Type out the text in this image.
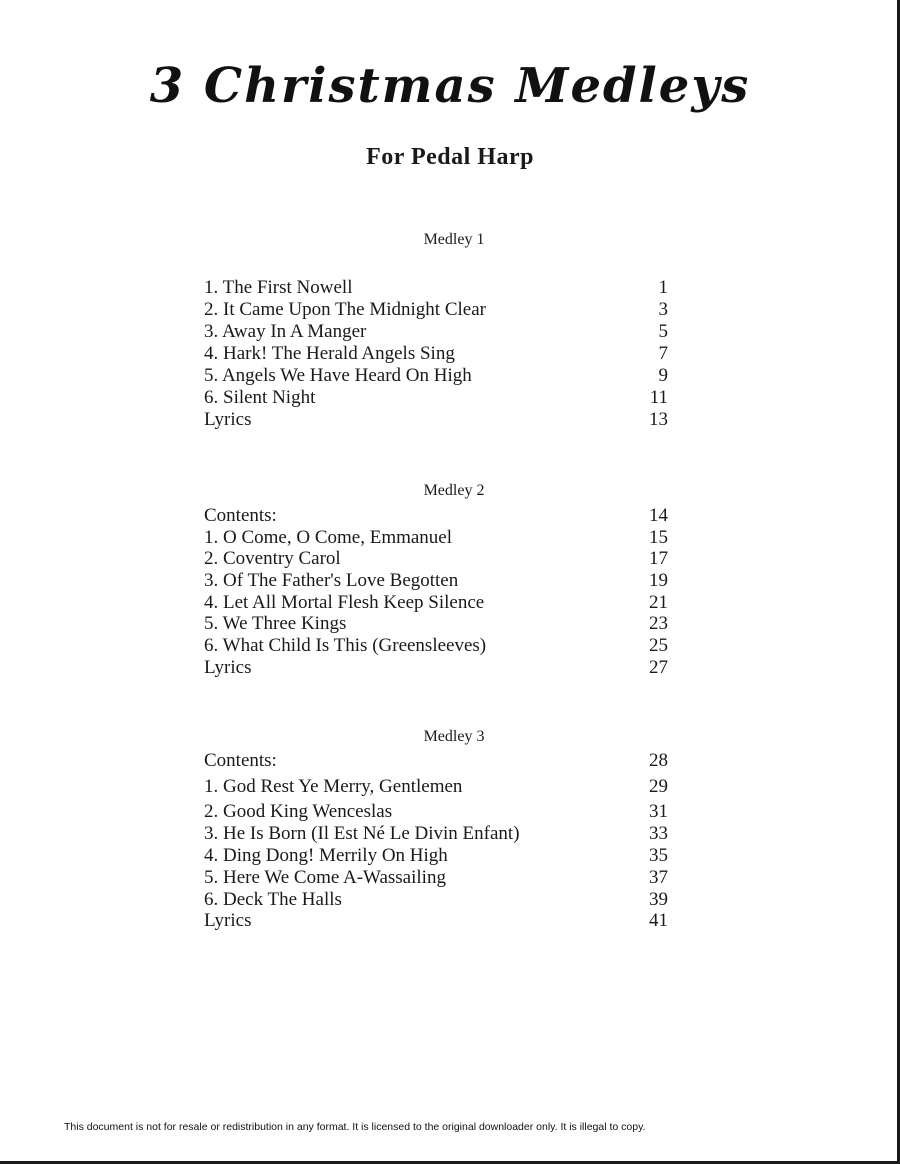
3 Christmas Medleys
For Pedal Harp
Medley 1
1. The First Nowell	1
2. It Came Upon The Midnight Clear	3
3. Away In A Manger	5
4. Hark! The Herald Angels Sing	7
5. Angels We Have Heard On High	9
6. Silent Night	11
Lyrics	13
Medley 2
Contents:	14
1. O Come, O Come, Emmanuel	15
2. Coventry Carol	17
3. Of The Father's Love Begotten	19
4. Let All Mortal Flesh Keep Silence	21
5. We Three Kings	23
6. What Child Is This (Greensleeves)	25
Lyrics	27
Medley 3
Contents:	28
1. God Rest Ye Merry, Gentlemen	29
2. Good King Wenceslas	31
3. He Is Born (Il Est Né Le Divin Enfant)	33
4. Ding Dong! Merrily On High	35
5. Here We Come A-Wassailing	37
6. Deck The Halls	39
Lyrics	41
This document is not for resale or redistribution in any format. It is licensed to the original downloader only. It is illegal to copy.
